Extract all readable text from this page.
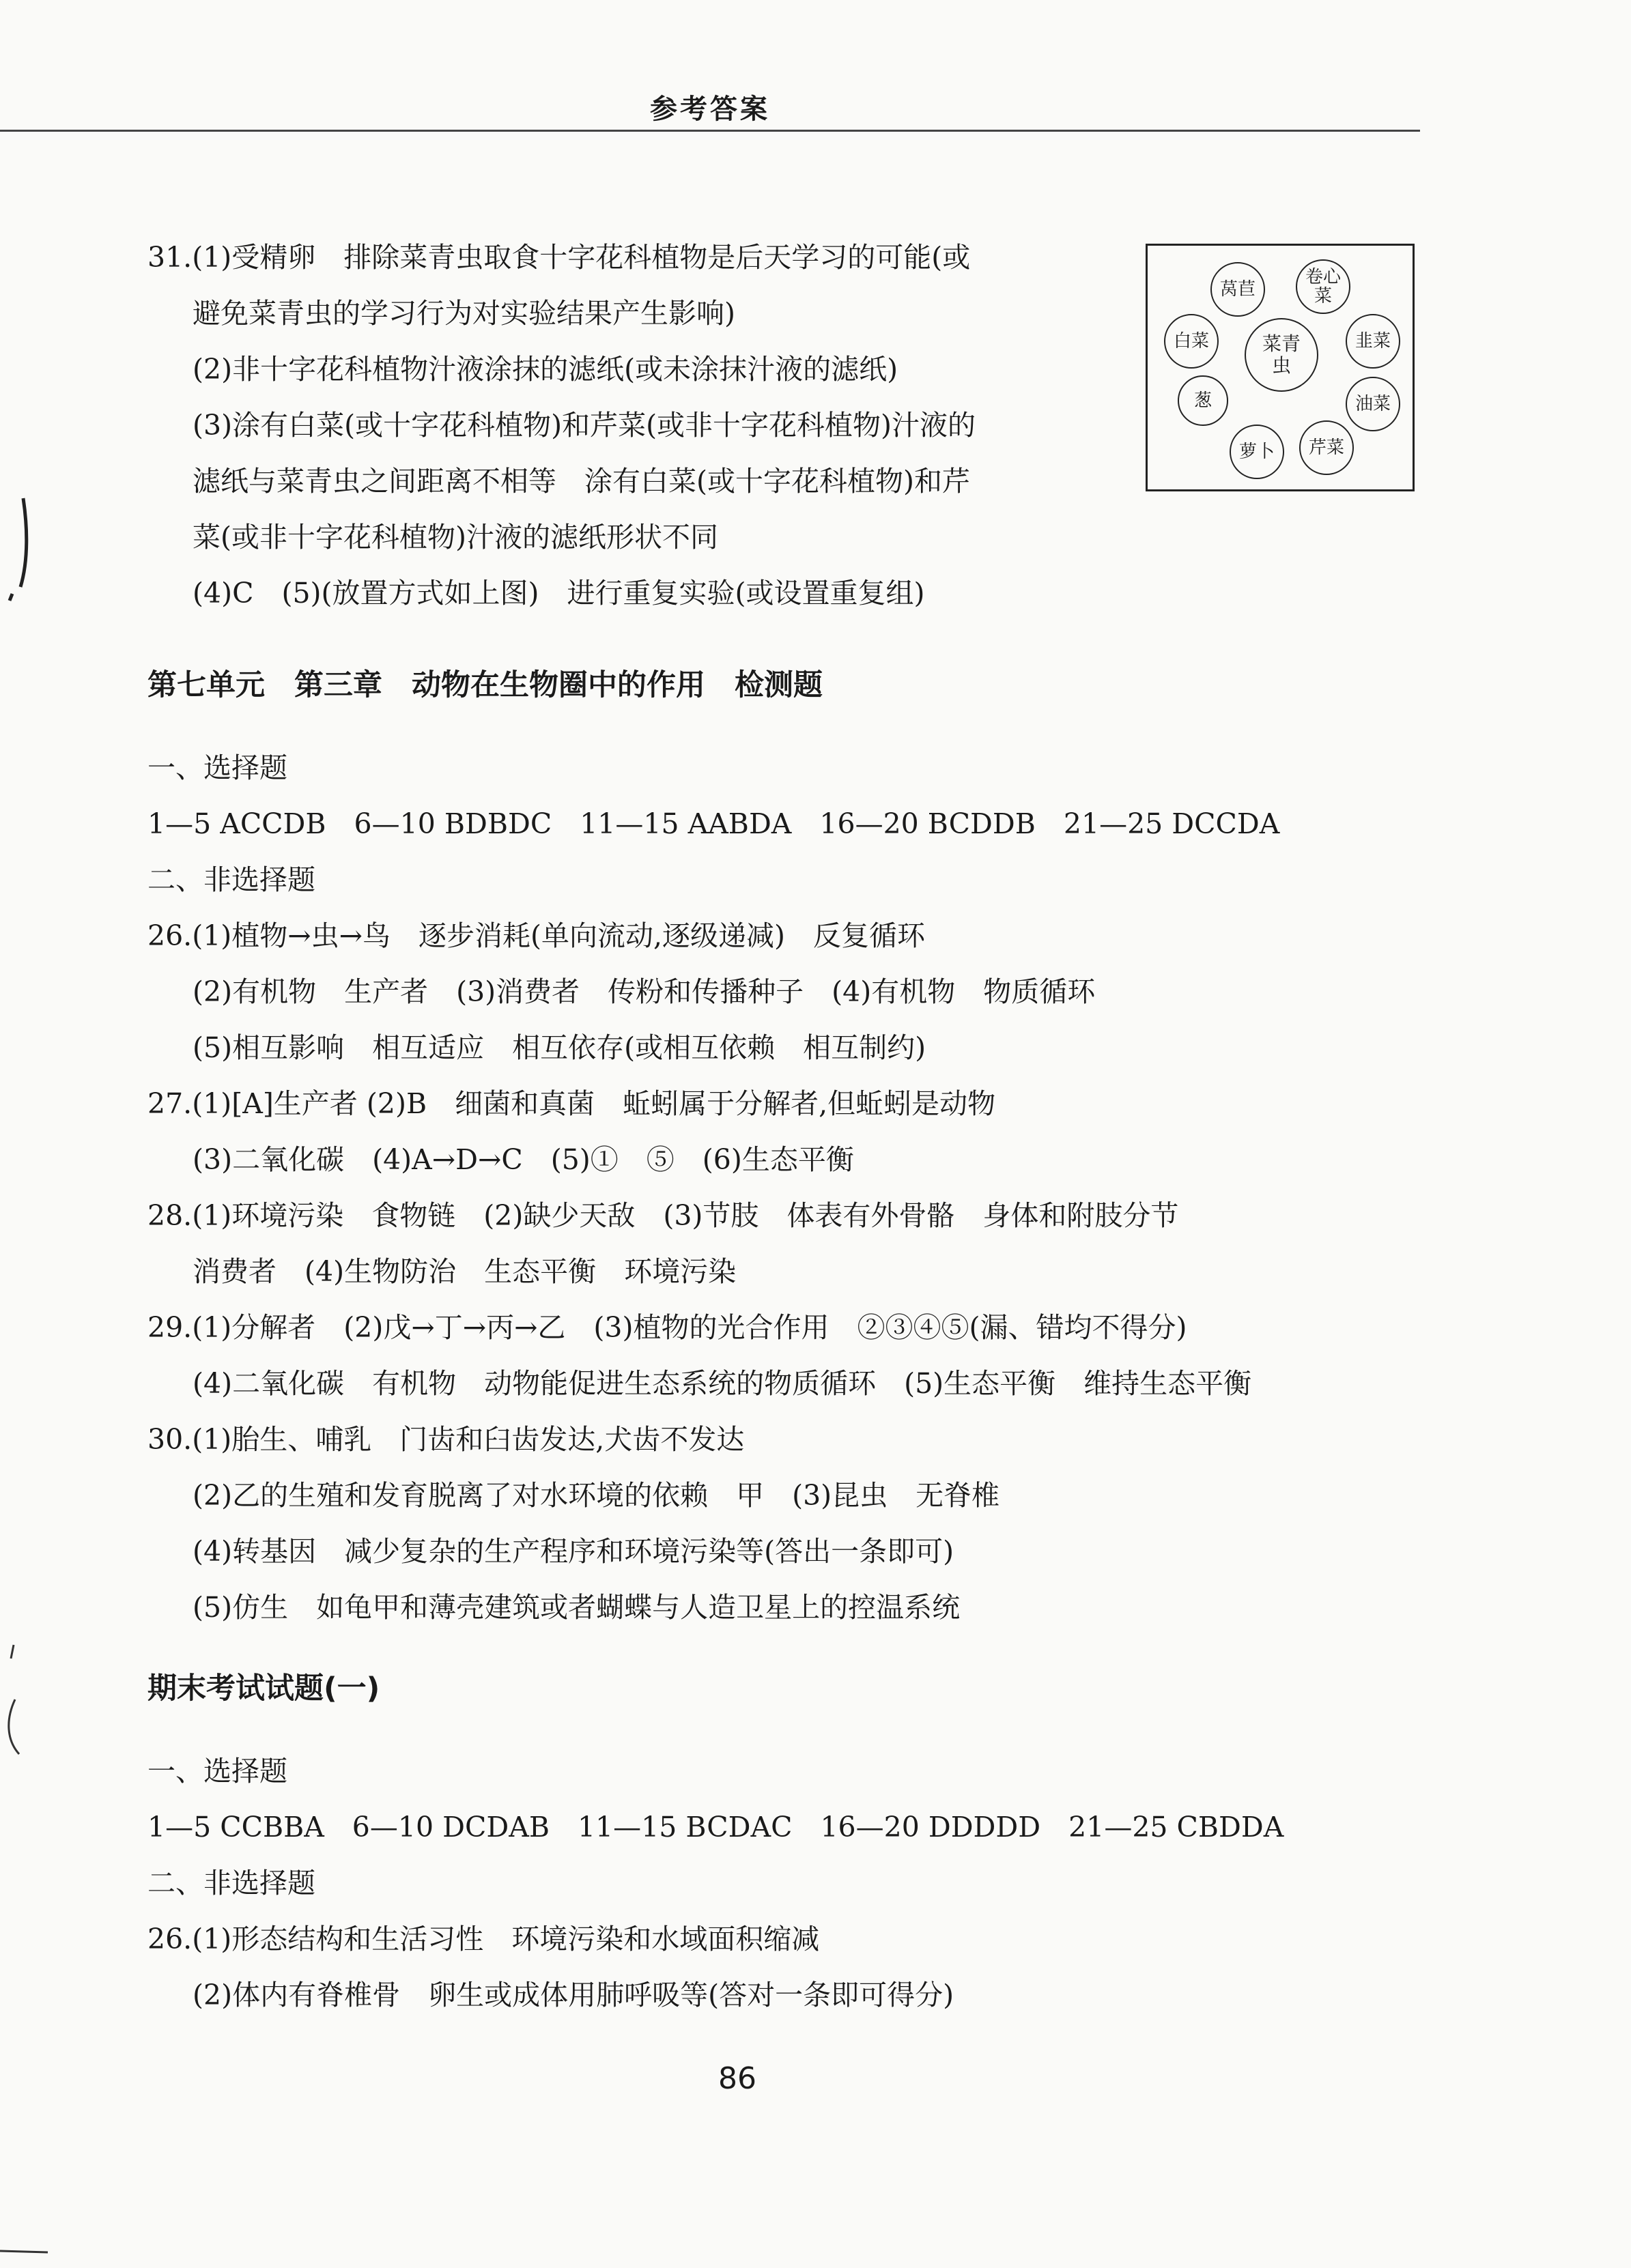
参考答案
31.(1)受精卵　排除菜青虫取食十字花科植物是后天学习的可能(或
避免菜青虫的学习行为对实验结果产生影响)
(2)非十字花科植物汁液涂抹的滤纸(或未涂抹汁液的滤纸)
(3)涂有白菜(或十字花科植物)和芹菜(或非十字花科植物)汁液的
滤纸与菜青虫之间距离不相等　涂有白菜(或十字花科植物)和芹
菜(或非十字花科植物)汁液的滤纸形状不同
(4)C　(5)(放置方式如上图)　进行重复实验(或设置重复组)
菜青虫
莴苣
卷心菜
韭菜
油菜
芹菜
萝卜
葱
白菜
第七单元　第三章　动物在生物圈中的作用　检测题
一、选择题
1—5 ACCDB　6—10 BDBDC　11—15 AABDA　16—20 BCDDB　21—25 DCCDA
二、非选择题
26.(1)植物→虫→鸟　逐步消耗(单向流动,逐级递减)　反复循环
(2)有机物　生产者　(3)消费者　传粉和传播种子　(4)有机物　物质循环
(5)相互影响　相互适应　相互依存(或相互依赖　相互制约)
27.(1)[A]生产者 (2)B　细菌和真菌　蚯蚓属于分解者,但蚯蚓是动物
(3)二氧化碳　(4)A→D→C　(5)①　⑤　(6)生态平衡
28.(1)环境污染　食物链　(2)缺少天敌　(3)节肢　体表有外骨骼　身体和附肢分节
消费者　(4)生物防治　生态平衡　环境污染
29.(1)分解者　(2)戊→丁→丙→乙　(3)植物的光合作用　②③④⑤(漏、错均不得分)
(4)二氧化碳　有机物　动物能促进生态系统的物质循环　(5)生态平衡　维持生态平衡
30.(1)胎生、哺乳　门齿和臼齿发达,犬齿不发达
(2)乙的生殖和发育脱离了对水环境的依赖　甲　(3)昆虫　无脊椎
(4)转基因　减少复杂的生产程序和环境污染等(答出一条即可)
(5)仿生　如龟甲和薄壳建筑或者蝴蝶与人造卫星上的控温系统
期末考试试题(一)
一、选择题
1—5 CCBBA　6—10 DCDAB　11—15 BCDAC　16—20 DDDDD　21—25 CBDDA
二、非选择题
26.(1)形态结构和生活习性　环境污染和水域面积缩减
(2)体内有脊椎骨　卵生或成体用肺呼吸等(答对一条即可得分)
86
